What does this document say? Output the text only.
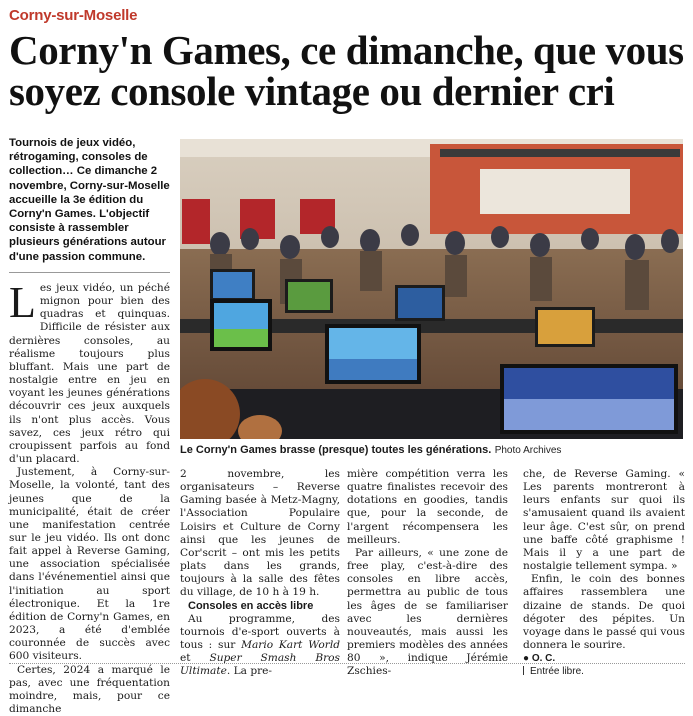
Corny-sur-Moselle
Corny'n Games, ce dimanche, que vous soyez console vintage ou dernier cri
Tournois de jeux vidéo, rétrogaming, consoles de collection… Ce dimanche 2 novembre, Corny-sur-Moselle accueille la 3e édition du Corny'n Games. L'objectif consiste à rassembler plusieurs générations autour d'une passion commune.

Les jeux vidéo, un péché mignon pour bien des quadras et quinquas. Difficile de résister aux dernières consoles, au réalisme toujours plus bluffant. Mais une part de nostalgie entre en jeu en voyant les jeunes générations découvrir ces jeux auxquels ils n'ont plus accès. Vous savez, ces jeux rétro qui croupissent parfois au fond d'un placard.

Justement, à Corny-sur-Moselle, la volonté, tant des jeunes que de la municipalité, était de créer une manifestation centrée sur le jeu vidéo. Ils ont donc fait appel à Reverse Gaming, une association spécialisée dans l'événementiel ainsi que l'initiation au sport électronique. Et la 1re édition de Corny'n Games, en 2023, a été d'emblée couronnée de succès avec 600 visiteurs.

Certes, 2024 a marqué le pas, avec une fréquentation moindre, mais, pour ce dimanche

Le Corny'n Games brasse (presque) toutes les générations. Photo Archives

2 novembre, les organisateurs – Reverse Gaming basée à Metz-Magny, l'Association Populaire Loisirs et Culture de Corny ainsi que les jeunes de Cor'scrit – ont mis les petits plats dans les grands, toujours à la salle des fêtes du village, de 10 h à 19 h.

Consoles en accès libre

Au programme, des tournois d'e-sport ouverts à tous : sur Mario Kart World et Super Smash Bros Ultimate. La pre-

mière compétition verra les quatre finalistes recevoir des dotations en goodies, tandis que, pour la seconde, de l'argent récompensera les meilleurs.

Par ailleurs, « une zone de free play, c'est-à-dire des consoles en libre accès, permettra au public de tous les âges de se familiariser avec les dernières nouveautés, mais aussi les premiers modèles des années 80 », indique Jérémie Zschies-

che, de Reverse Gaming. « Les parents montreront à leurs enfants sur quoi ils s'amusaient quand ils avaient leur âge. C'est sûr, on prend une baffe côté graphisme ! Mais il y a une part de nostalgie tellement sympa. »

Enfin, le coin des bonnes affaires rassemblera une dizaine de stands. De quoi dégoter des pépites. Un voyage dans le passé qui vous donnera le sourire.

● O. C.

Entrée libre.
